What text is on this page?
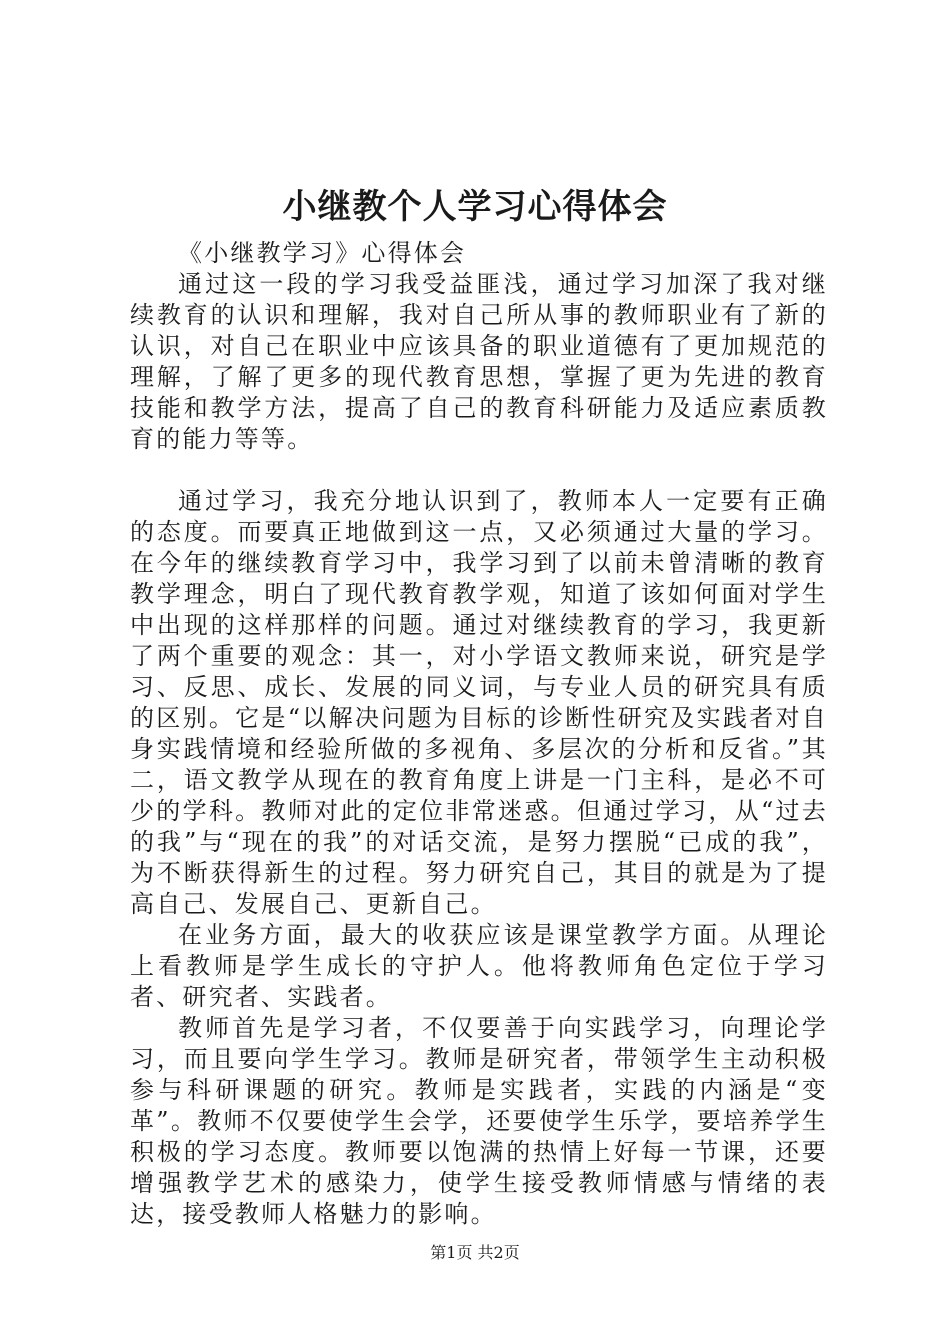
小继教个人学习心得体会

《小继教学习》心得体会

通过这一段的学习我受益匪浅，通过学习加深了我对继续教育的认识和理解，我对自己所从事的教师职业有了新的认识，对自己在职业中应该具备的职业道德有了更加规范的理解，了解了更多的现代教育思想，掌握了更为先进的教育技能和教学方法，提高了自己的教育科研能力及适应素质教育的能力等等。

通过学习，我充分地认识到了，教师本人一定要有正确的态度。而要真正地做到这一点，又必须通过大量的学习。在今年的继续教育学习中，我学习到了以前未曾清晰的教育教学理念，明白了现代教育教学观，知道了该如何面对学生中出现的这样那样的问题。通过对继续教育的学习，我更新了两个重要的观念：其一，对小学语文教师来说，研究是学习、反思、成长、发展的同义词，与专业人员的研究具有质的区别。它是“以解决问题为目标的诊断性研究及实践者对自身实践情境和经验所做的多视角、多层次的分析和反省。”其二，语文教学从现在的教育角度上讲是一门主科，是必不可少的学科。教师对此的定位非常迷惑。但通过学习，从“过去的我”与“现在的我”的对话交流，是努力摆脱“已成的我”，为不断获得新生的过程。努力研究自己，其目的就是为了提高自己、发展自己、更新自己。

在业务方面，最大的收获应该是课堂教学方面。从理论上看教师是学生成长的守护人。他将教师角色定位于学习者、研究者、实践者。

教师首先是学习者，不仅要善于向实践学习，向理论学习，而且要向学生学习。教师是研究者，带领学生主动积极参与科研课题的研究。教师是实践者，实践的内涵是“变革”。教师不仅要使学生会学，还要使学生乐学，要培养学生积极的学习态度。教师要以饱满的热情上好每一节课，还要增强教学艺术的感染力，使学生接受教师情感与情绪的表达，接受教师人格魅力的影响。

第1页 共2页
